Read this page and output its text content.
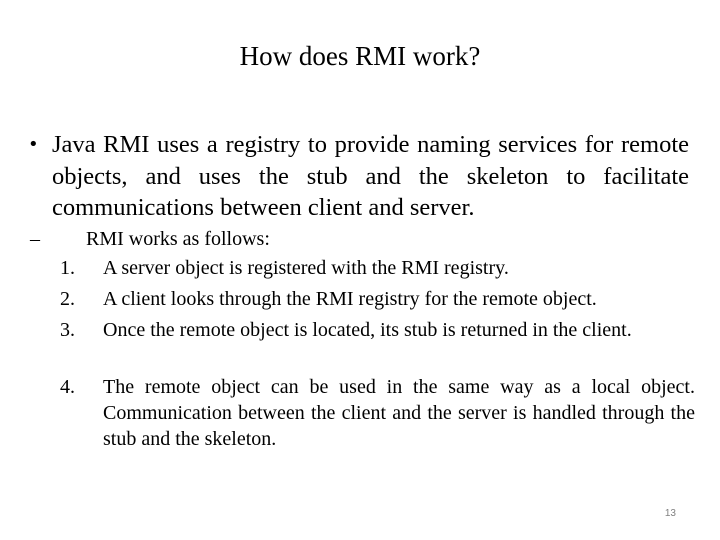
How does RMI work?
• Java RMI uses a registry to provide naming services for remote objects, and uses the stub and the skeleton to facilitate communications between client and server.
– RMI works as follows:
1. A server object is registered with the RMI registry.
2. A client looks through the RMI registry for the remote object.
3. Once the remote object is located, its stub is returned in the client.
4. The remote object can be used in the same way as a local object. Communication between the client and the server is handled through the stub and the skeleton.
13
